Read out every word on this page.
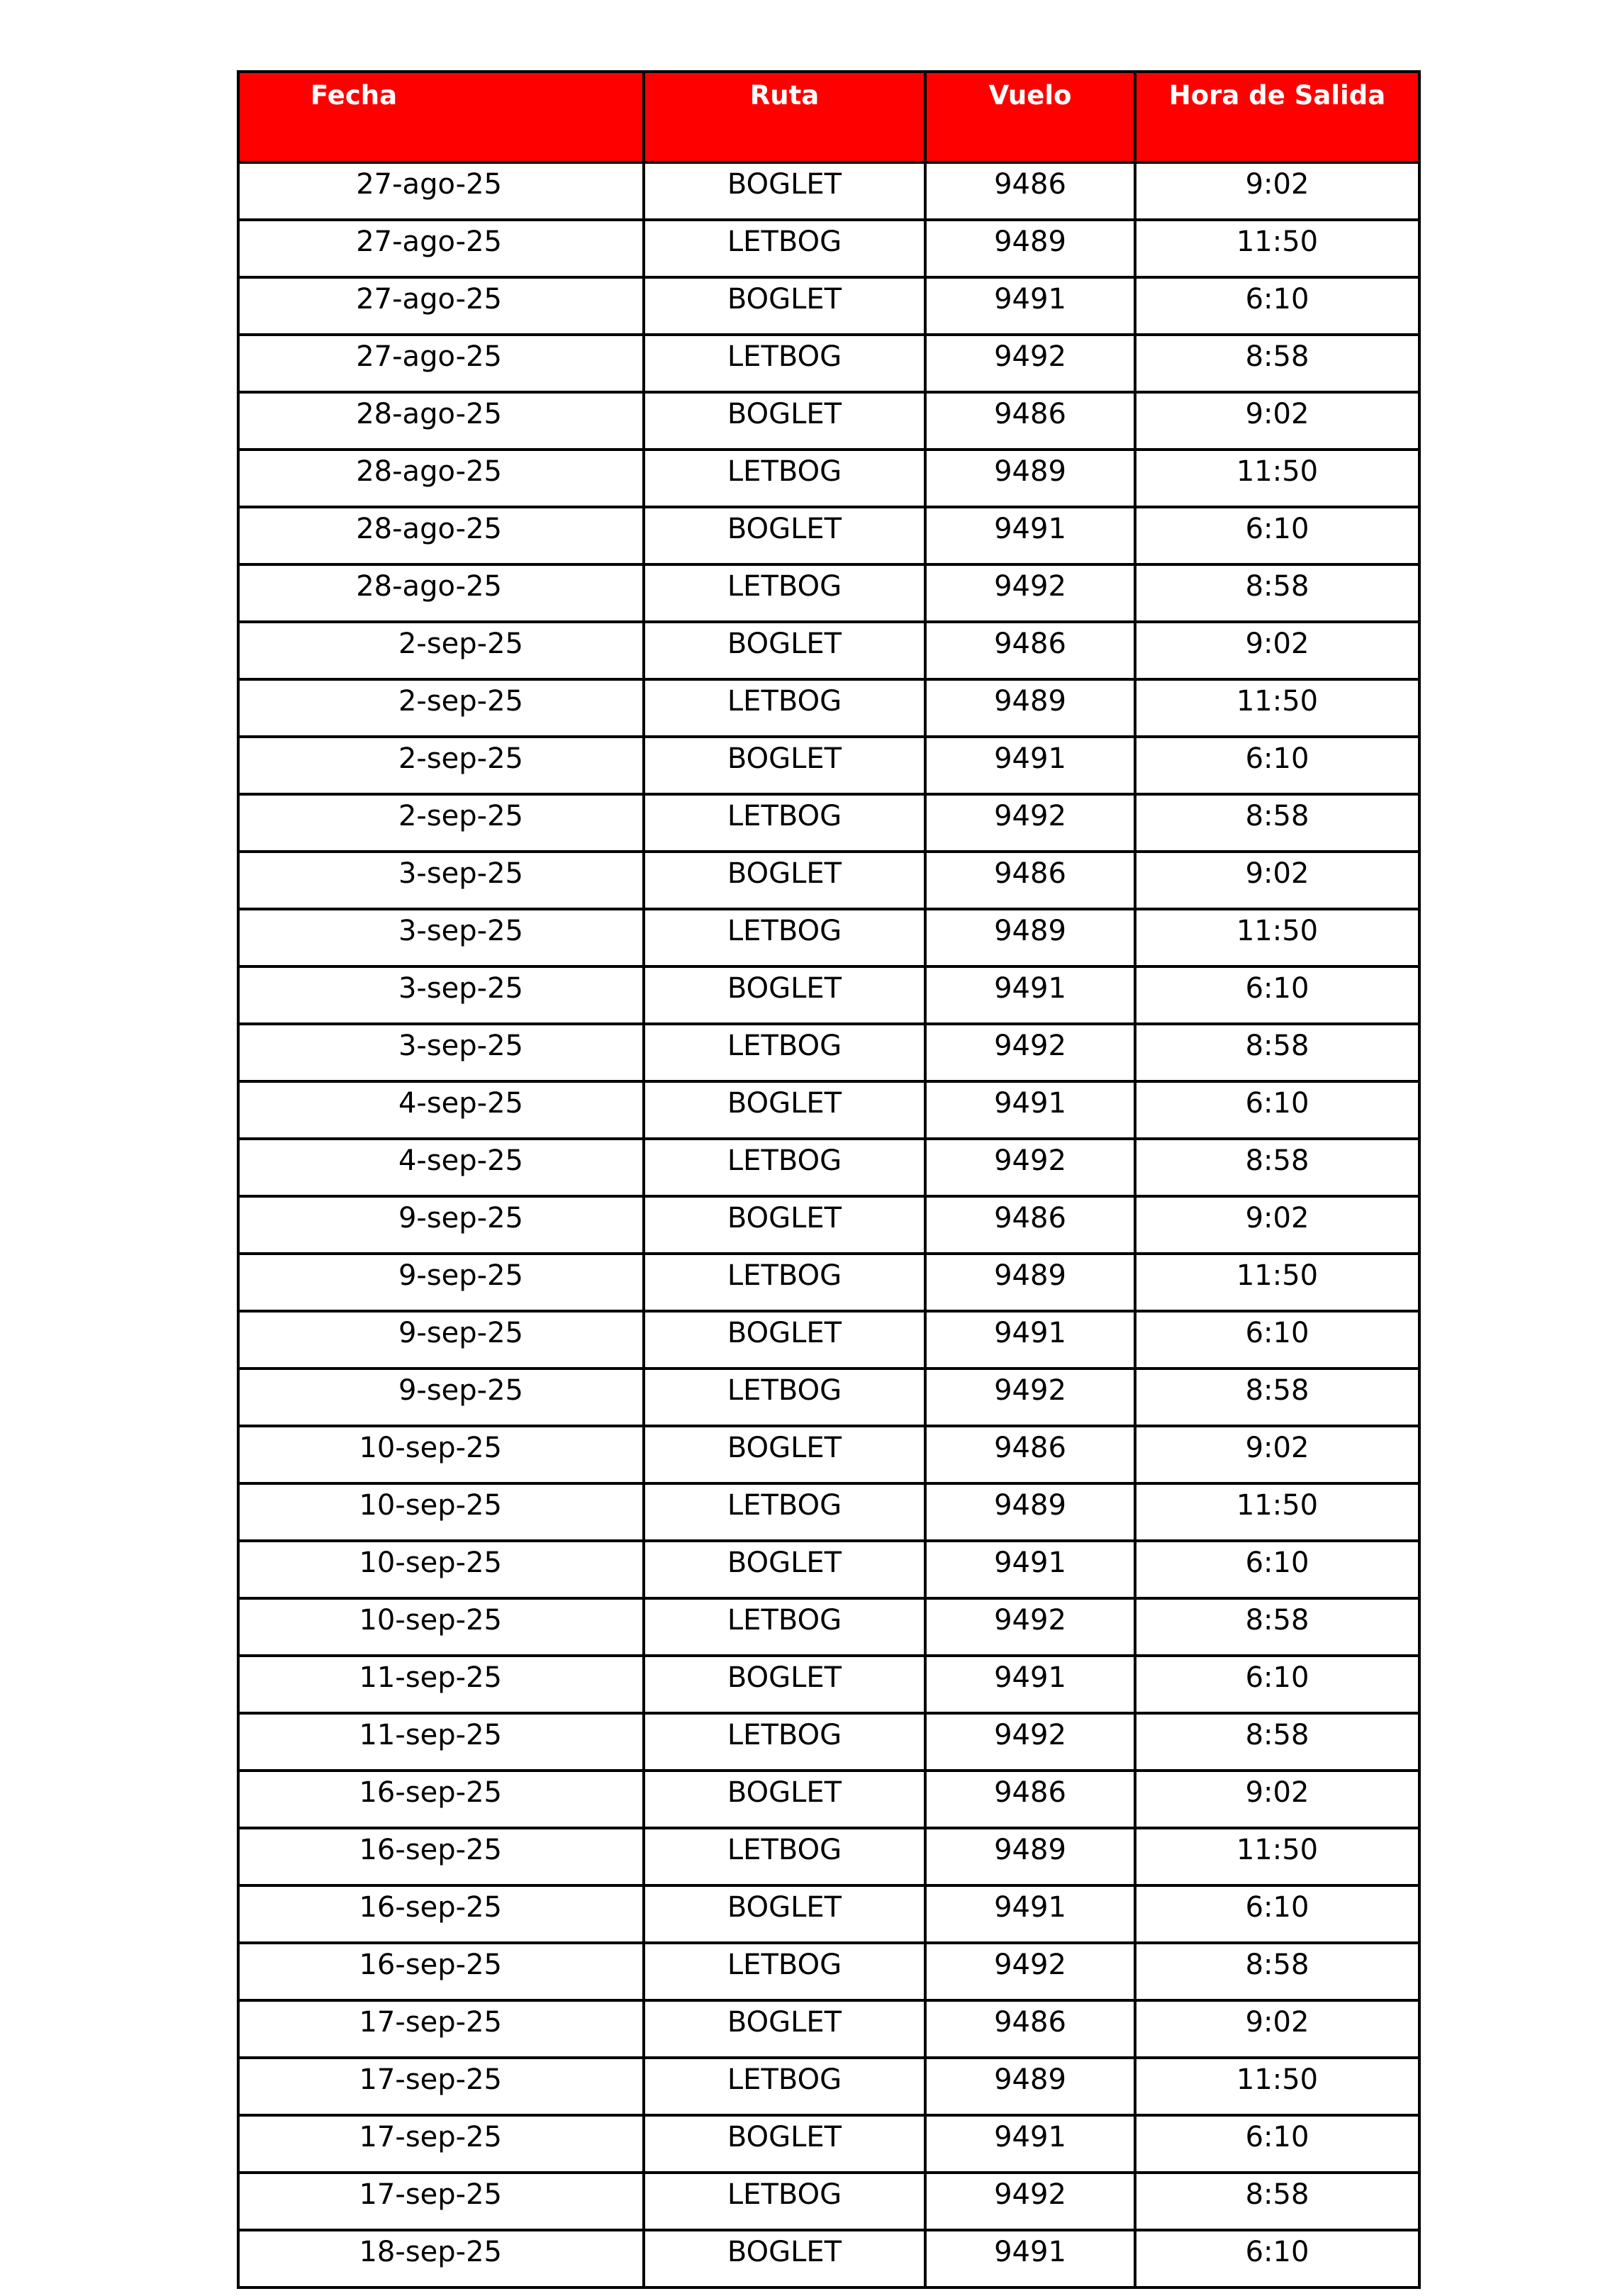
Fecha	Ruta	Vuelo	Hora de Salida
27-ago-25	BOGLET	9486	9:02
27-ago-25	LETBOG	9489	11:50
27-ago-25	BOGLET	9491	6:10
27-ago-25	LETBOG	9492	8:58
28-ago-25	BOGLET	9486	9:02
28-ago-25	LETBOG	9489	11:50
28-ago-25	BOGLET	9491	6:10
28-ago-25	LETBOG	9492	8:58
2-sep-25	BOGLET	9486	9:02
2-sep-25	LETBOG	9489	11:50
2-sep-25	BOGLET	9491	6:10
2-sep-25	LETBOG	9492	8:58
3-sep-25	BOGLET	9486	9:02
3-sep-25	LETBOG	9489	11:50
3-sep-25	BOGLET	9491	6:10
3-sep-25	LETBOG	9492	8:58
4-sep-25	BOGLET	9491	6:10
4-sep-25	LETBOG	9492	8:58
9-sep-25	BOGLET	9486	9:02
9-sep-25	LETBOG	9489	11:50
9-sep-25	BOGLET	9491	6:10
9-sep-25	LETBOG	9492	8:58
10-sep-25	BOGLET	9486	9:02
10-sep-25	LETBOG	9489	11:50
10-sep-25	BOGLET	9491	6:10
10-sep-25	LETBOG	9492	8:58
11-sep-25	BOGLET	9491	6:10
11-sep-25	LETBOG	9492	8:58
16-sep-25	BOGLET	9486	9:02
16-sep-25	LETBOG	9489	11:50
16-sep-25	BOGLET	9491	6:10
16-sep-25	LETBOG	9492	8:58
17-sep-25	BOGLET	9486	9:02
17-sep-25	LETBOG	9489	11:50
17-sep-25	BOGLET	9491	6:10
17-sep-25	LETBOG	9492	8:58
18-sep-25	BOGLET	9491	6:10
